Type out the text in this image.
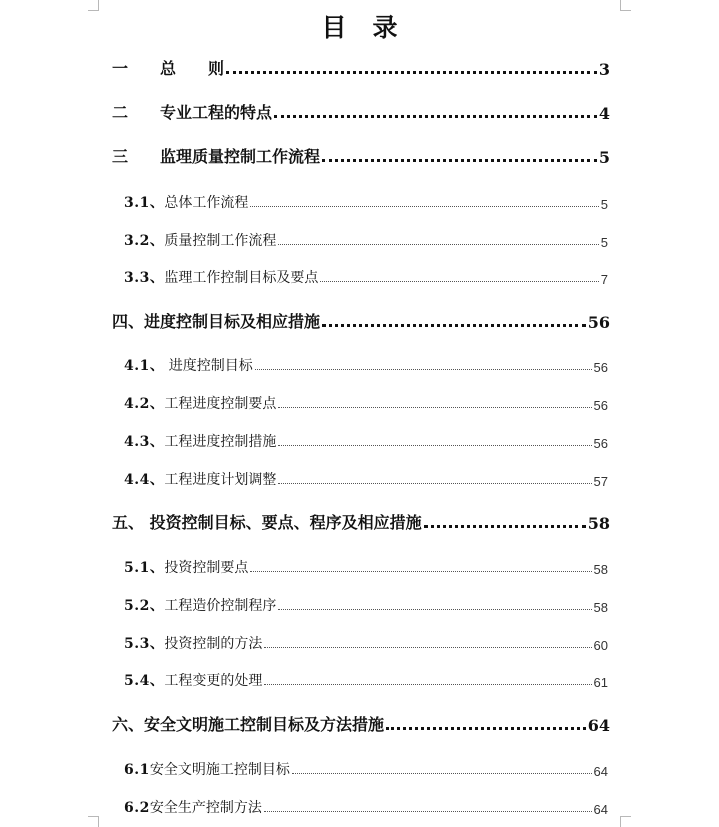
目录
一　　总　　则	3
二　　专业工程的特点	4
三　　监理质量控制工作流程	5
3.1、总体工作流程	5
3.2、质量控制工作流程	5
3.3、监理工作控制目标及要点	7
四、进度控制目标及相应措施	56
4.1、 进度控制目标	56
4.2、工程进度控制要点	56
4.3、工程进度控制措施	56
4.4、工程进度计划调整	57
五、 投资控制目标、要点、程序及相应措施	58
5.1、投资控制要点	58
5.2、工程造价控制程序	58
5.3、投资控制的方法	60
5.4、工程变更的处理	61
六、安全文明施工控制目标及方法措施	64
6.1安全文明施工控制目标	64
6.2安全生产控制方法	64
